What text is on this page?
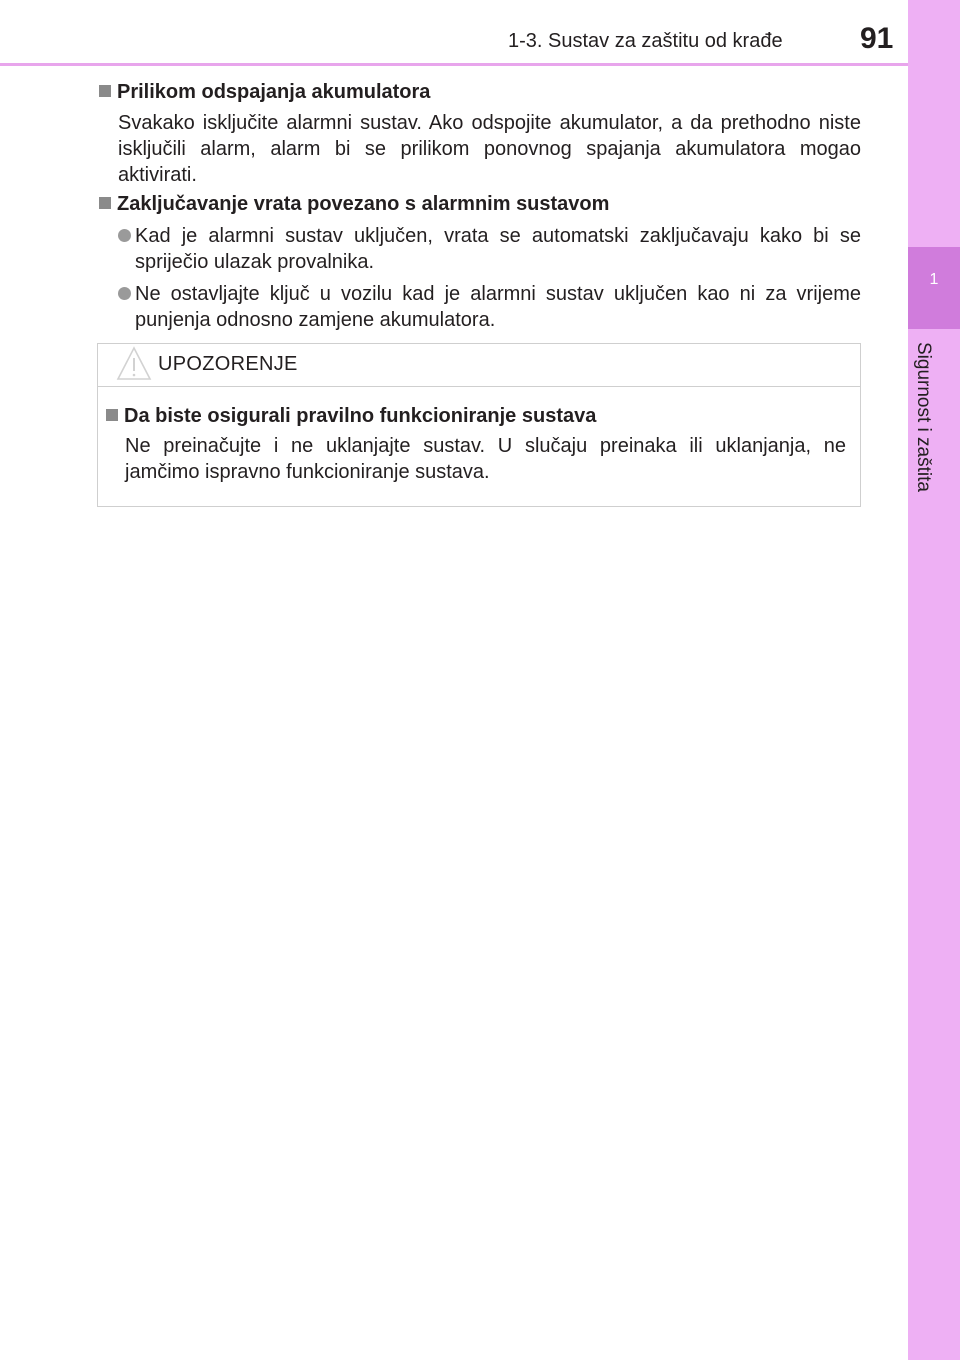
1-3. Sustav za zaštitu od krađe	91
1
Sigurnost i zaštita
Prilikom odspajanja akumulatora
Svakako isključite alarmni sustav. Ako odspojite akumulator, a da prethodno niste isključili alarm, alarm bi se prilikom ponovnog spajanja akumulatora mogao aktivirati.
Zaključavanje vrata povezano s alarmnim sustavom
Kad je alarmni sustav uključen, vrata se automatski zaključavaju kako bi se spriječio ulazak provalnika.
Ne ostavljajte ključ u vozilu kad je alarmni sustav uključen kao ni za vrijeme punjenja odnosno zamjene akumulatora.
UPOZORENJE
Da biste osigurali pravilno funkcioniranje sustava
Ne preinačujte i ne uklanjajte sustav. U slučaju preinaka ili uklanjanja, ne jamčimo ispravno funkcioniranje sustava.
